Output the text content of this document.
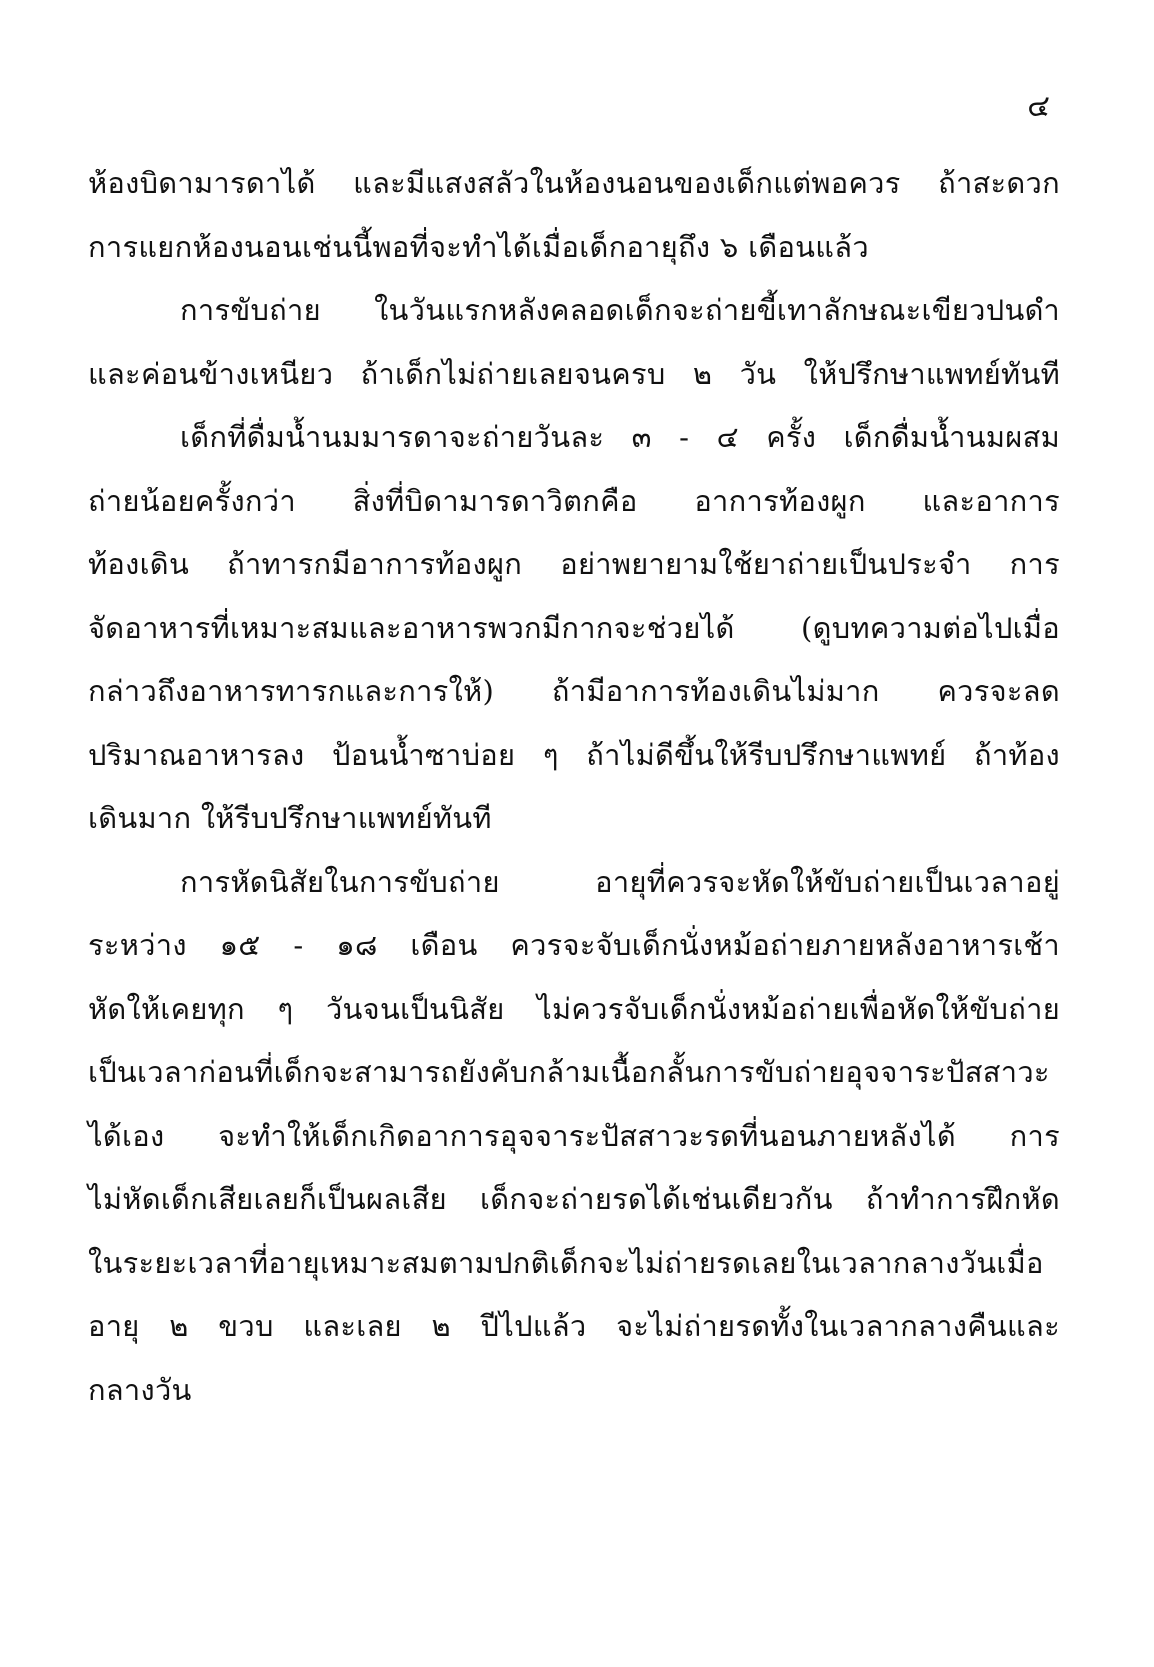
๔
ห้องบิดามารดาได้ และมีแสงสลัวในห้องนอนของเด็กแต่พอควร ถ้าสะดวก
การแยกห้องนอนเช่นนี้พอที่จะทำได้เมื่อเด็กอายุถึง ๖ เดือนแล้ว
การขับถ่าย ในวันแรกหลังคลอดเด็กจะถ่ายขี้เทาลักษณะเขียวปนดำ
และค่อนข้างเหนียว ถ้าเด็กไม่ถ่ายเลยจนครบ ๒ วัน ให้ปรึกษาแพทย์ทันที
เด็กที่ดื่มน้ำนมมารดาจะถ่ายวันละ ๓ - ๔ ครั้ง เด็กดื่มน้ำนมผสม
ถ่ายน้อยครั้งกว่า สิ่งที่บิดามารดาวิตกคือ อาการท้องผูก และอาการ
ท้องเดิน ถ้าทารกมีอาการท้องผูก อย่าพยายามใช้ยาถ่ายเป็นประจำ การ
จัดอาหารที่เหมาะสมและอาหารพวกมีกากจะช่วยได้ (ดูบทความต่อไปเมื่อ
กล่าวถึงอาหารทารกและการให้) ถ้ามีอาการท้องเดินไม่มาก ควรจะลด
ปริมาณอาหารลง ป้อนน้ำซาบ่อย ๆ ถ้าไม่ดีขึ้นให้รีบปรึกษาแพทย์ ถ้าท้อง
เดินมาก ให้รีบปรึกษาแพทย์ทันที
การหัดนิสัยในการขับถ่าย อายุที่ควรจะหัดให้ขับถ่ายเป็นเวลาอยู่
ระหว่าง ๑๕ - ๑๘ เดือน ควรจะจับเด็กนั่งหม้อถ่ายภายหลังอาหารเช้า
หัดให้เคยทุก ๆ วันจนเป็นนิสัย ไม่ควรจับเด็กนั่งหม้อถ่ายเพื่อหัดให้ขับถ่าย
เป็นเวลาก่อนที่เด็กจะสามารถยังคับกล้ามเนื้อกลั้นการขับถ่ายอุจจาระปัสสาวะ
ได้เอง จะทำให้เด็กเกิดอาการอุจจาระปัสสาวะรดที่นอนภายหลังได้ การ
ไม่หัดเด็กเสียเลยก็เป็นผลเสีย เด็กจะถ่ายรดได้เช่นเดียวกัน ถ้าทำการฝึกหัด
ในระยะเวลาที่อายุเหมาะสมตามปกติเด็กจะไม่ถ่ายรดเลยในเวลากลางวันเมื่อ
อายุ ๒ ขวบ และเลย ๒ ปีไปแล้ว จะไม่ถ่ายรดทั้งในเวลากลางคืนและ
กลางวัน
